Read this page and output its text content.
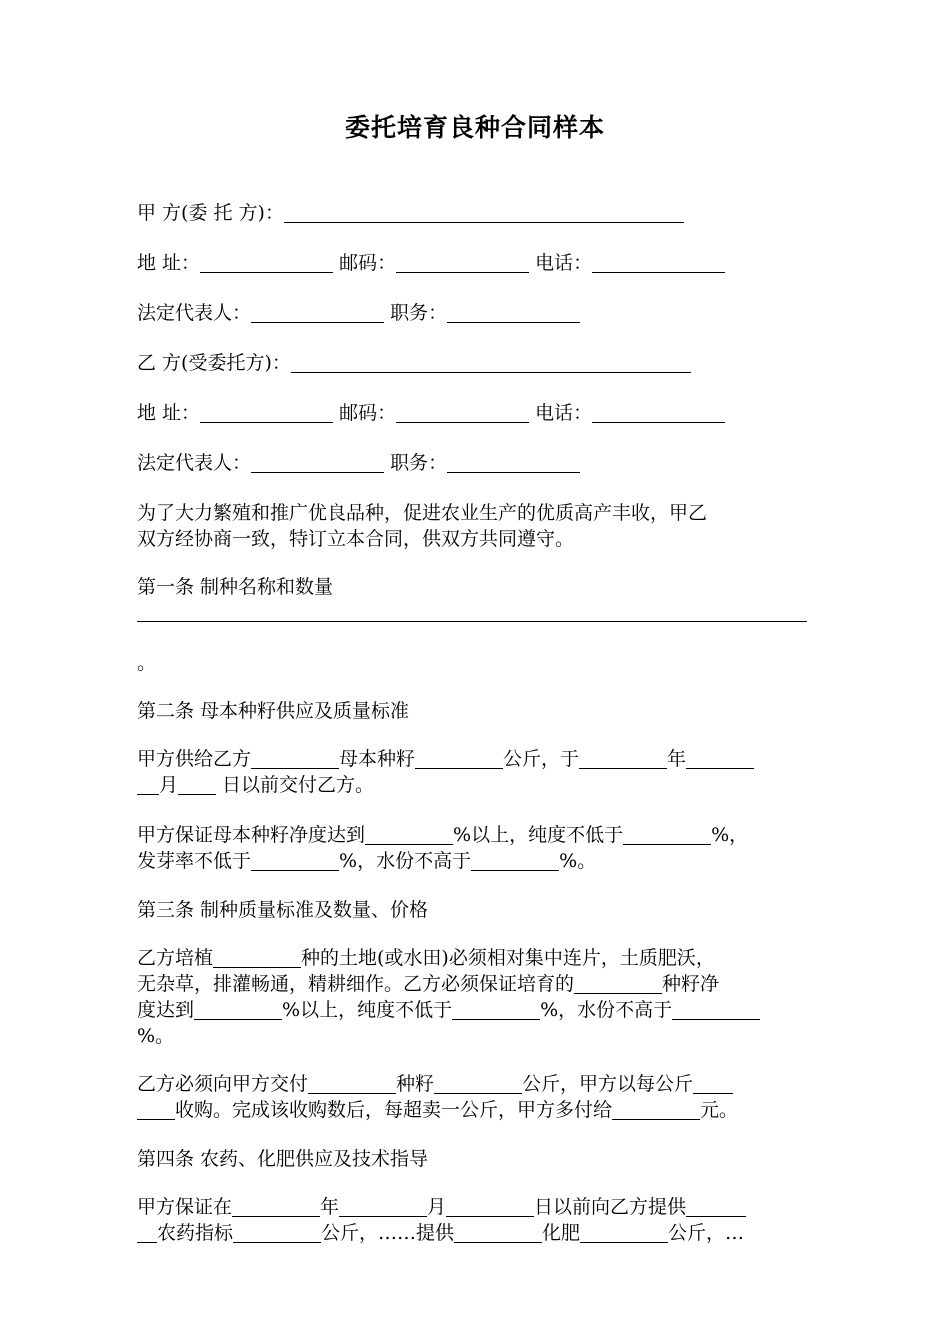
委托培育良种合同样本
甲 方(委 托 方)：
地 址：	邮码：	电话：
法定代表人：	职务：
乙 方(受委托方)：
地 址：	邮码：	电话：
法定代表人：	职务：
为了大力繁殖和推广优良品种，促进农业生产的优质高产丰收，甲乙
双方经协商一致，特订立本合同，供双方共同遵守。
第一条 制种名称和数量
。
第二条 母本种籽供应及质量标准
甲方供给乙方	母本种籽	公斤，于	年
月 日以前交付乙方。
甲方保证母本种籽净度达到	%以上，纯度不低于	%，
发芽率不低于	%，水份不高于	%。
第三条 制种质量标准及数量、价格
乙方培植	种的土地(或水田)必须相对集中连片，土质肥沃，
无杂草，排灌畅通，精耕细作。乙方必须保证培育的	种籽净
度达到	%以上，纯度不低于	%，水份不高于
%。
乙方必须向甲方交付	种籽	公斤，甲方以每公斤
收购。完成该收购数后，每超卖一公斤，甲方多付给	元。
第四条 农药、化肥供应及技术指导
甲方保证在	年	月	日以前向乙方提供
农药指标	公斤，……提供	化肥	公斤，…
